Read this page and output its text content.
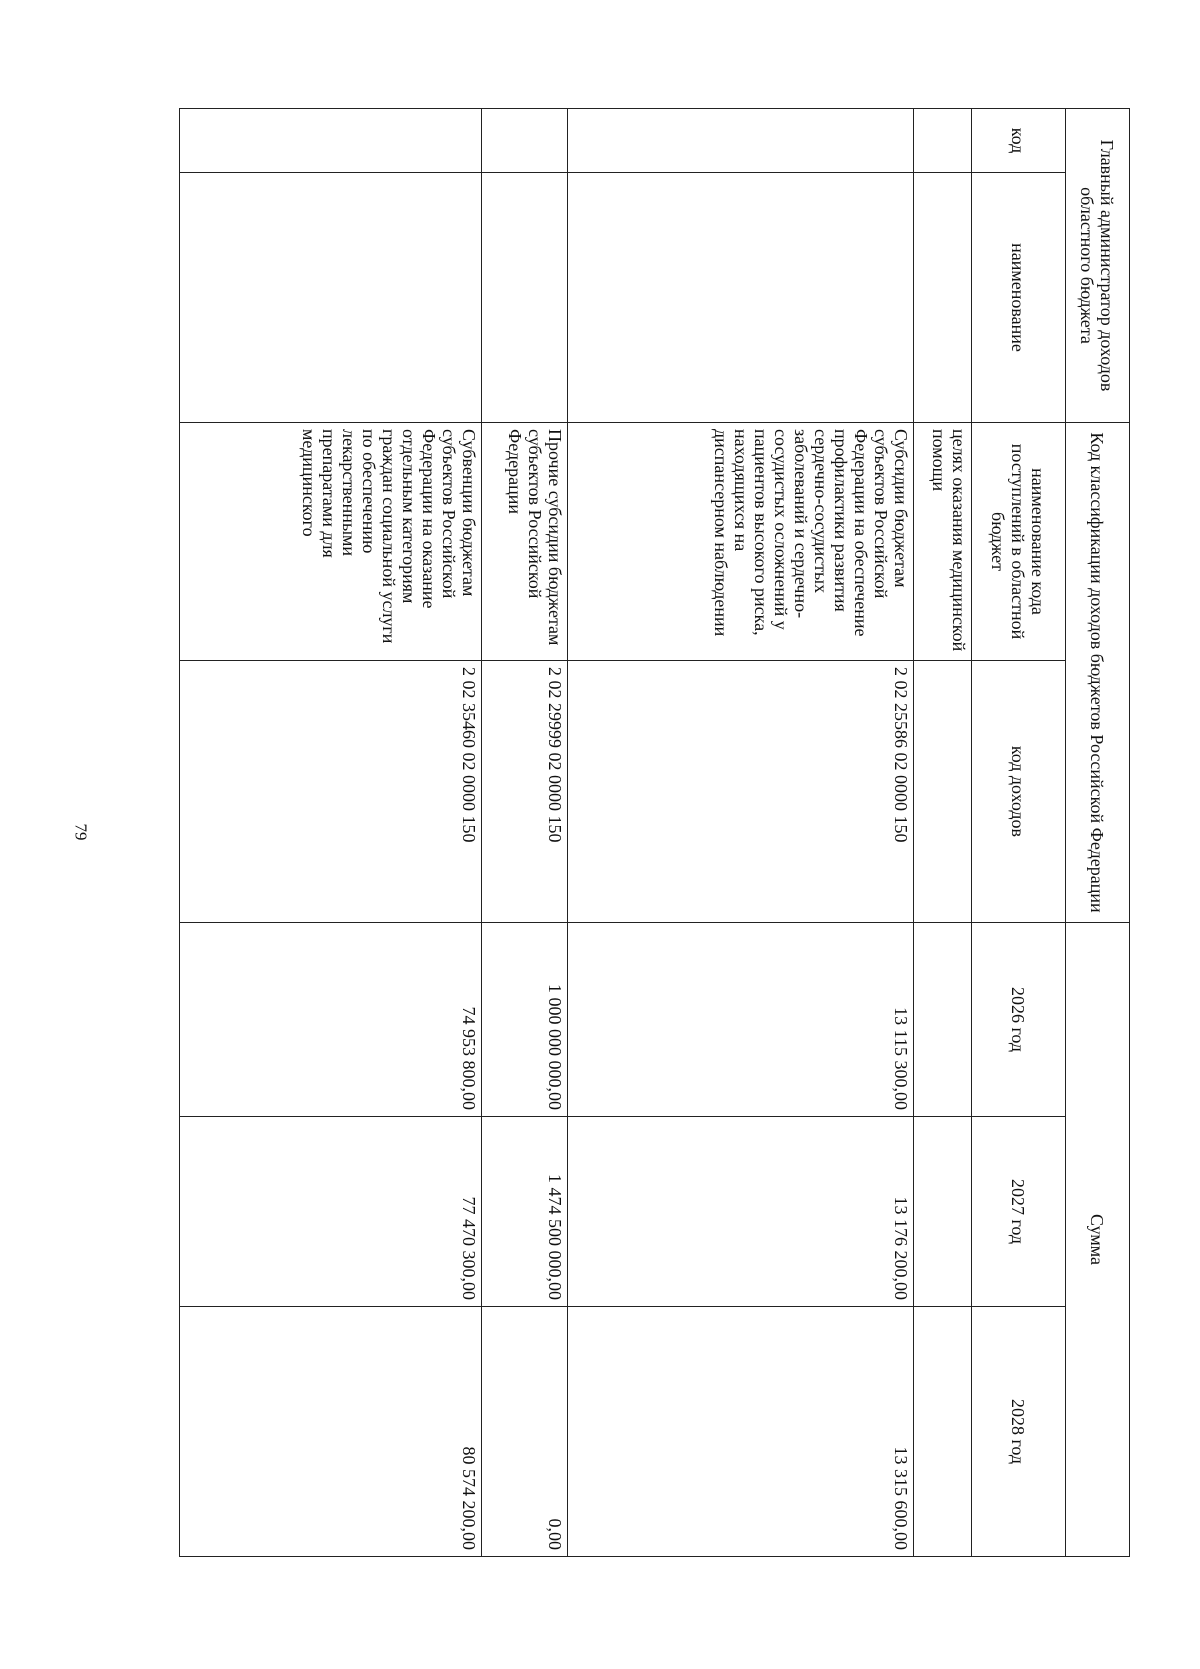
79
Главный администратор доходов областного бюджета		Код классификации доходов бюджетов Российской Федерации		Сумма		
код	наименование	наименование кода поступлений в областной бюджет	код доходов	2026 год	2027 год	2028 год
		целях оказания медицинской помощи				
		Субсидии бюджетам субъектов Российской Федерации на обеспечение профилактики развития сердечно-сосудистых заболеваний и сердечно-сосудистых осложнений у пациентов высокого риска, находящихся на диспансерном наблюдении	2 02 25586 02 0000 150	13 115 300,00	13 176 200,00	13 315 600,00
		Прочие субсидии бюджетам субъектов Российской Федерации	2 02 29999 02 0000 150	1 000 000 000,00	1 474 500 000,00	0,00
		Субвенции бюджетам субъектов Российской Федерации на оказание отдельным категориям граждан социальной услуги по обеспечению лекарственными препаратами для медицинского	2 02 35460 02 0000 150	74 953 800,00	77 470 300,00	80 574 200,00
